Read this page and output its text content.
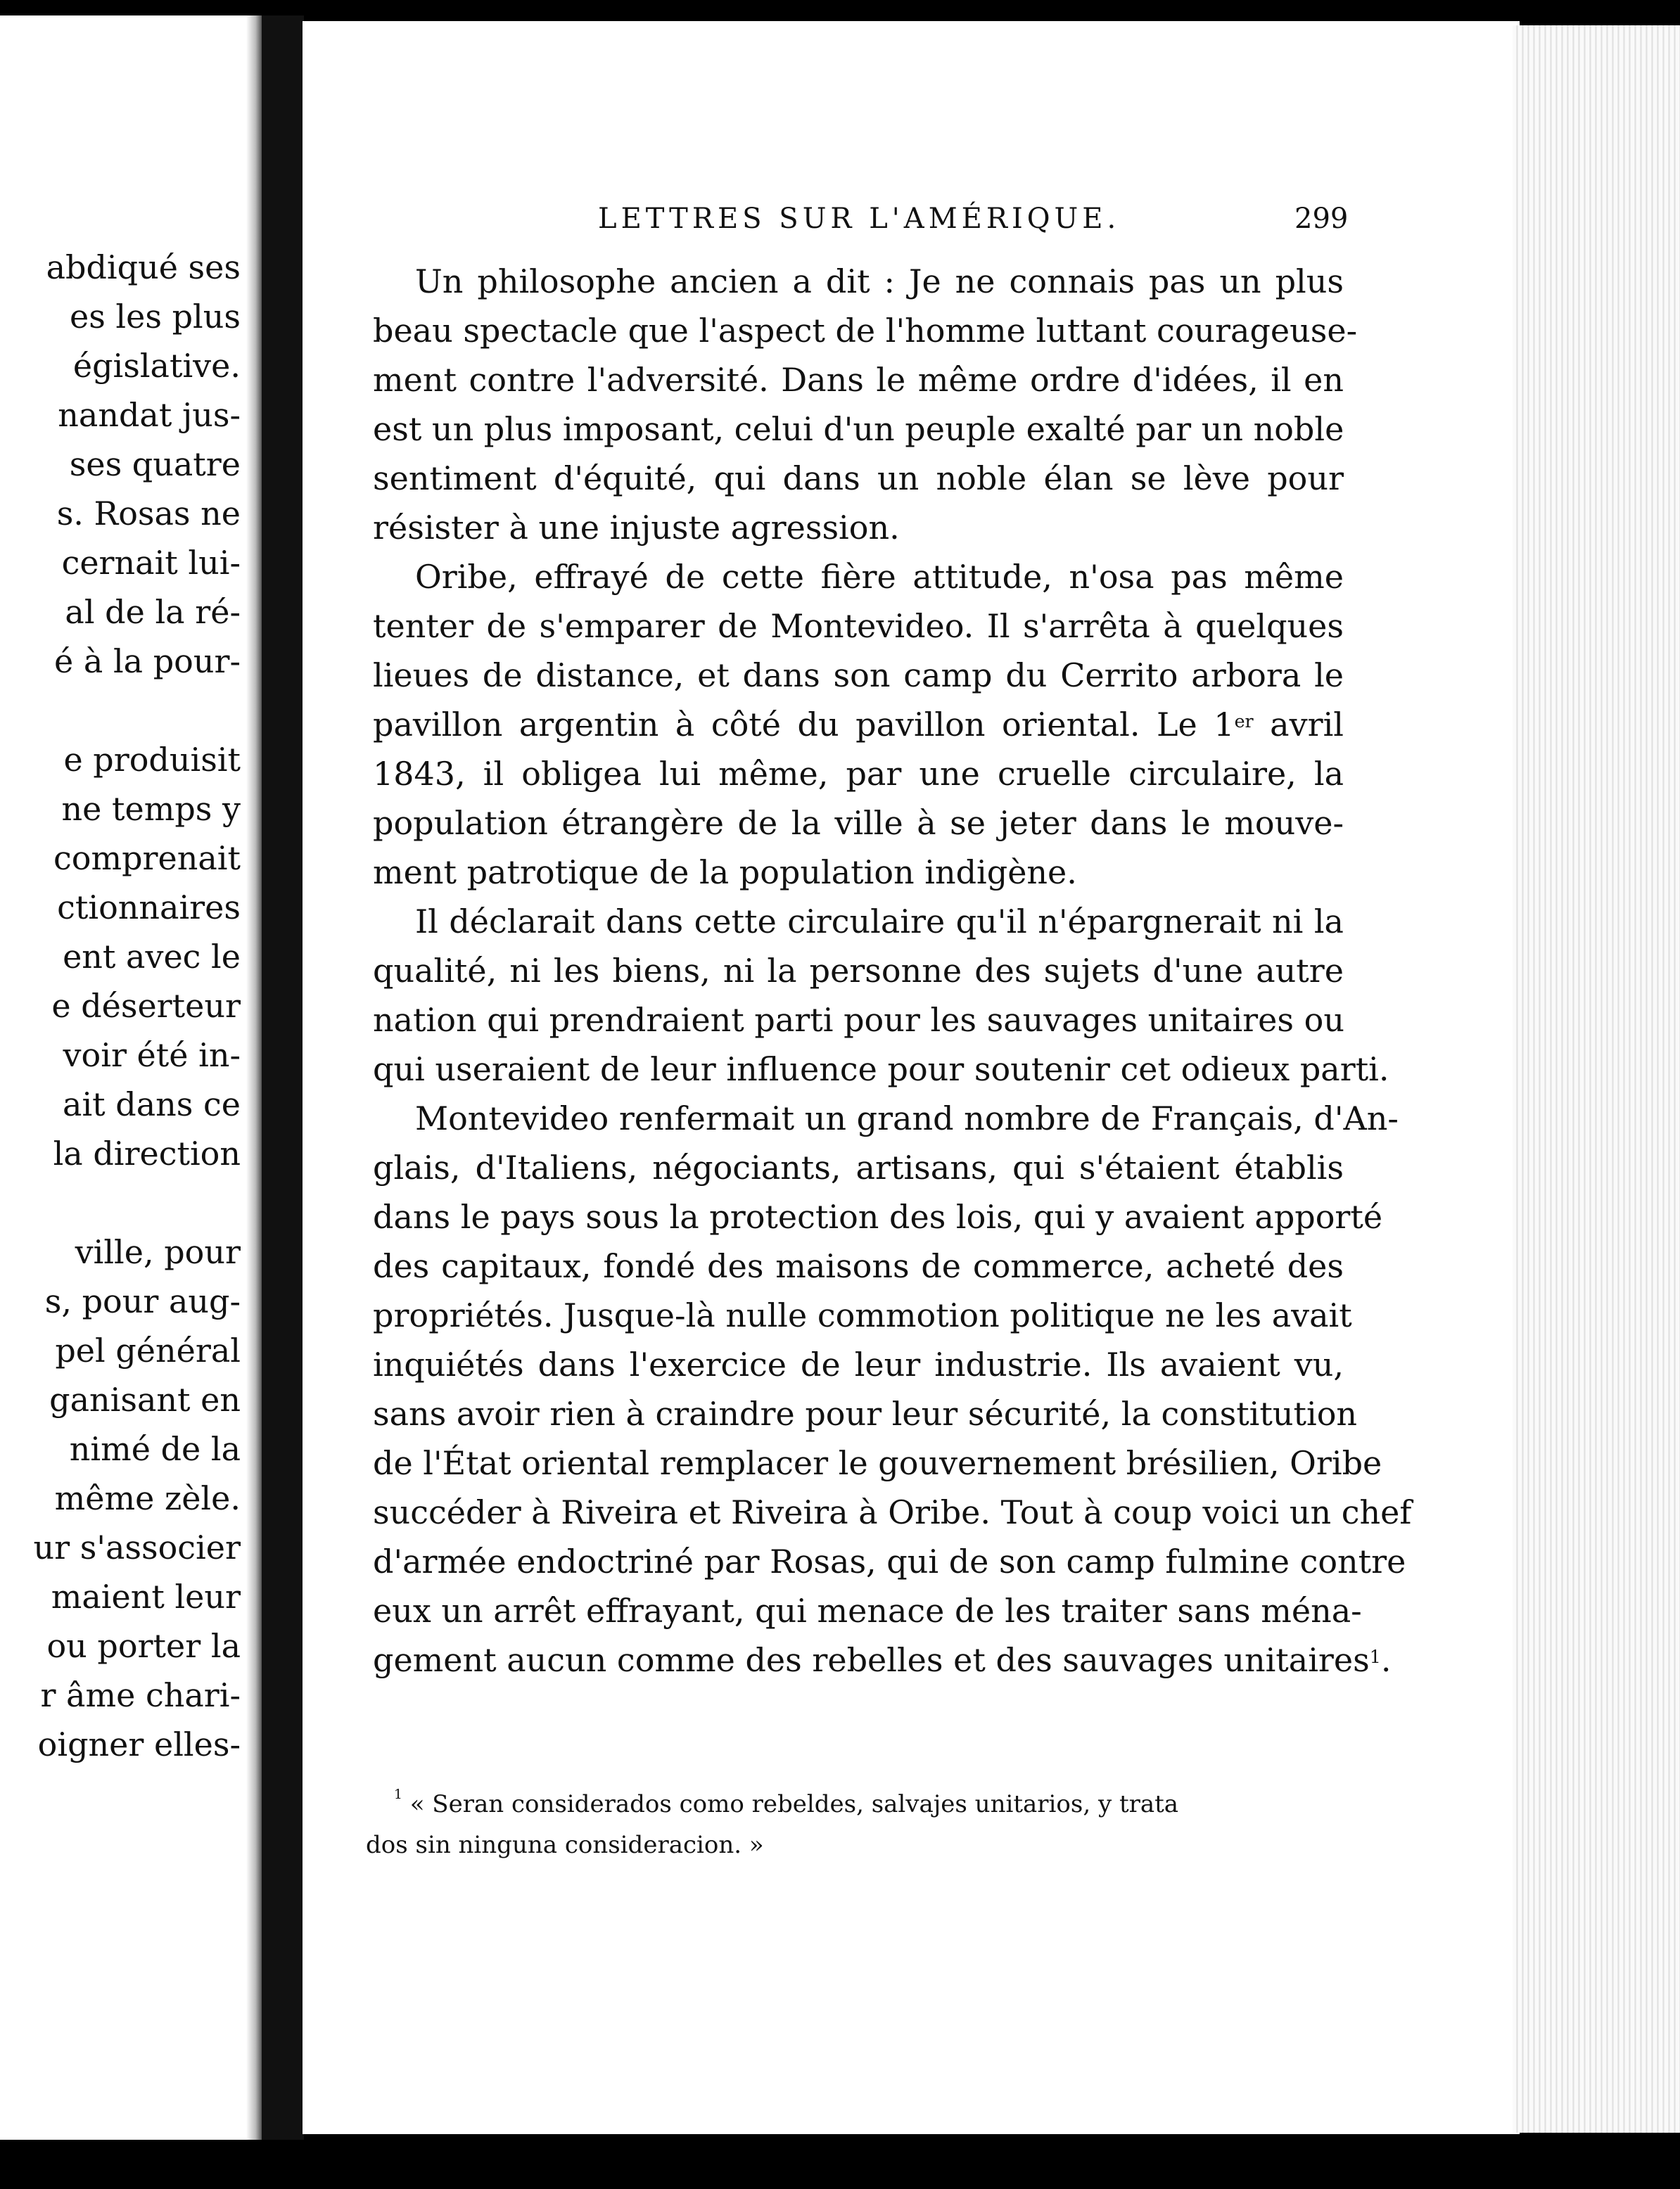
abdiqué ses
es les plus
égislative.
nandat jus-
ses quatre
s. Rosas ne
cernait lui-
al de la ré-
é à la pour-
e produisit
ne temps y
comprenait
ctionnaires
ent avec le
e déserteur
voir été in-
ait dans ce
la direction
ville, pour
s, pour aug-
pel général
ganisant en
nimé de la
même zèle.
ur s'associer
maient leur
ou porter la
r âme chari-
oigner elles-
LETTRES SUR L'AMÉRIQUE.	299
Un philosophe ancien a dit : Je ne connais pas un plus
beau spectacle que l'aspect de l'homme luttant courageuse-
ment contre l'adversité. Dans le même ordre d'idées, il en
est un plus imposant, celui d'un peuple exalté par un noble
sentiment d'équité, qui dans un noble élan se lève pour
résister à une injuste agression.
Oribe, effrayé de cette fière attitude, n'osa pas même
tenter de s'emparer de Montevideo. Il s'arrêta à quelques
lieues de distance, et dans son camp du Cerrito arbora le
pavillon argentin à côté du pavillon oriental. Le 1er avril
1843, il obligea lui même, par une cruelle circulaire, la
population étrangère de la ville à se jeter dans le mouve-
ment patrotique de la population indigène.
Il déclarait dans cette circulaire qu'il n'épargnerait ni la
qualité, ni les biens, ni la personne des sujets d'une autre
nation qui prendraient parti pour les sauvages unitaires ou
qui useraient de leur influence pour soutenir cet odieux parti.
Montevideo renfermait un grand nombre de Français, d'An-
glais, d'Italiens, négociants, artisans, qui s'étaient établis
dans le pays sous la protection des lois, qui y avaient apporté
des capitaux, fondé des maisons de commerce, acheté des
propriétés. Jusque-là nulle commotion politique ne les avait
inquiétés dans l'exercice de leur industrie. Ils avaient vu,
sans avoir rien à craindre pour leur sécurité, la constitution
de l'État oriental remplacer le gouvernement brésilien, Oribe
succéder à Riveira et Riveira à Oribe. Tout à coup voici un chef
d'armée endoctriné par Rosas, qui de son camp fulmine contre
eux un arrêt effrayant, qui menace de les traiter sans ména-
gement aucun comme des rebelles et des sauvages unitaires$^1$.
$^1$ « Seran considerados como rebeldes, salvajes unitarios, y trata
dos sin ninguna consideracion. »
